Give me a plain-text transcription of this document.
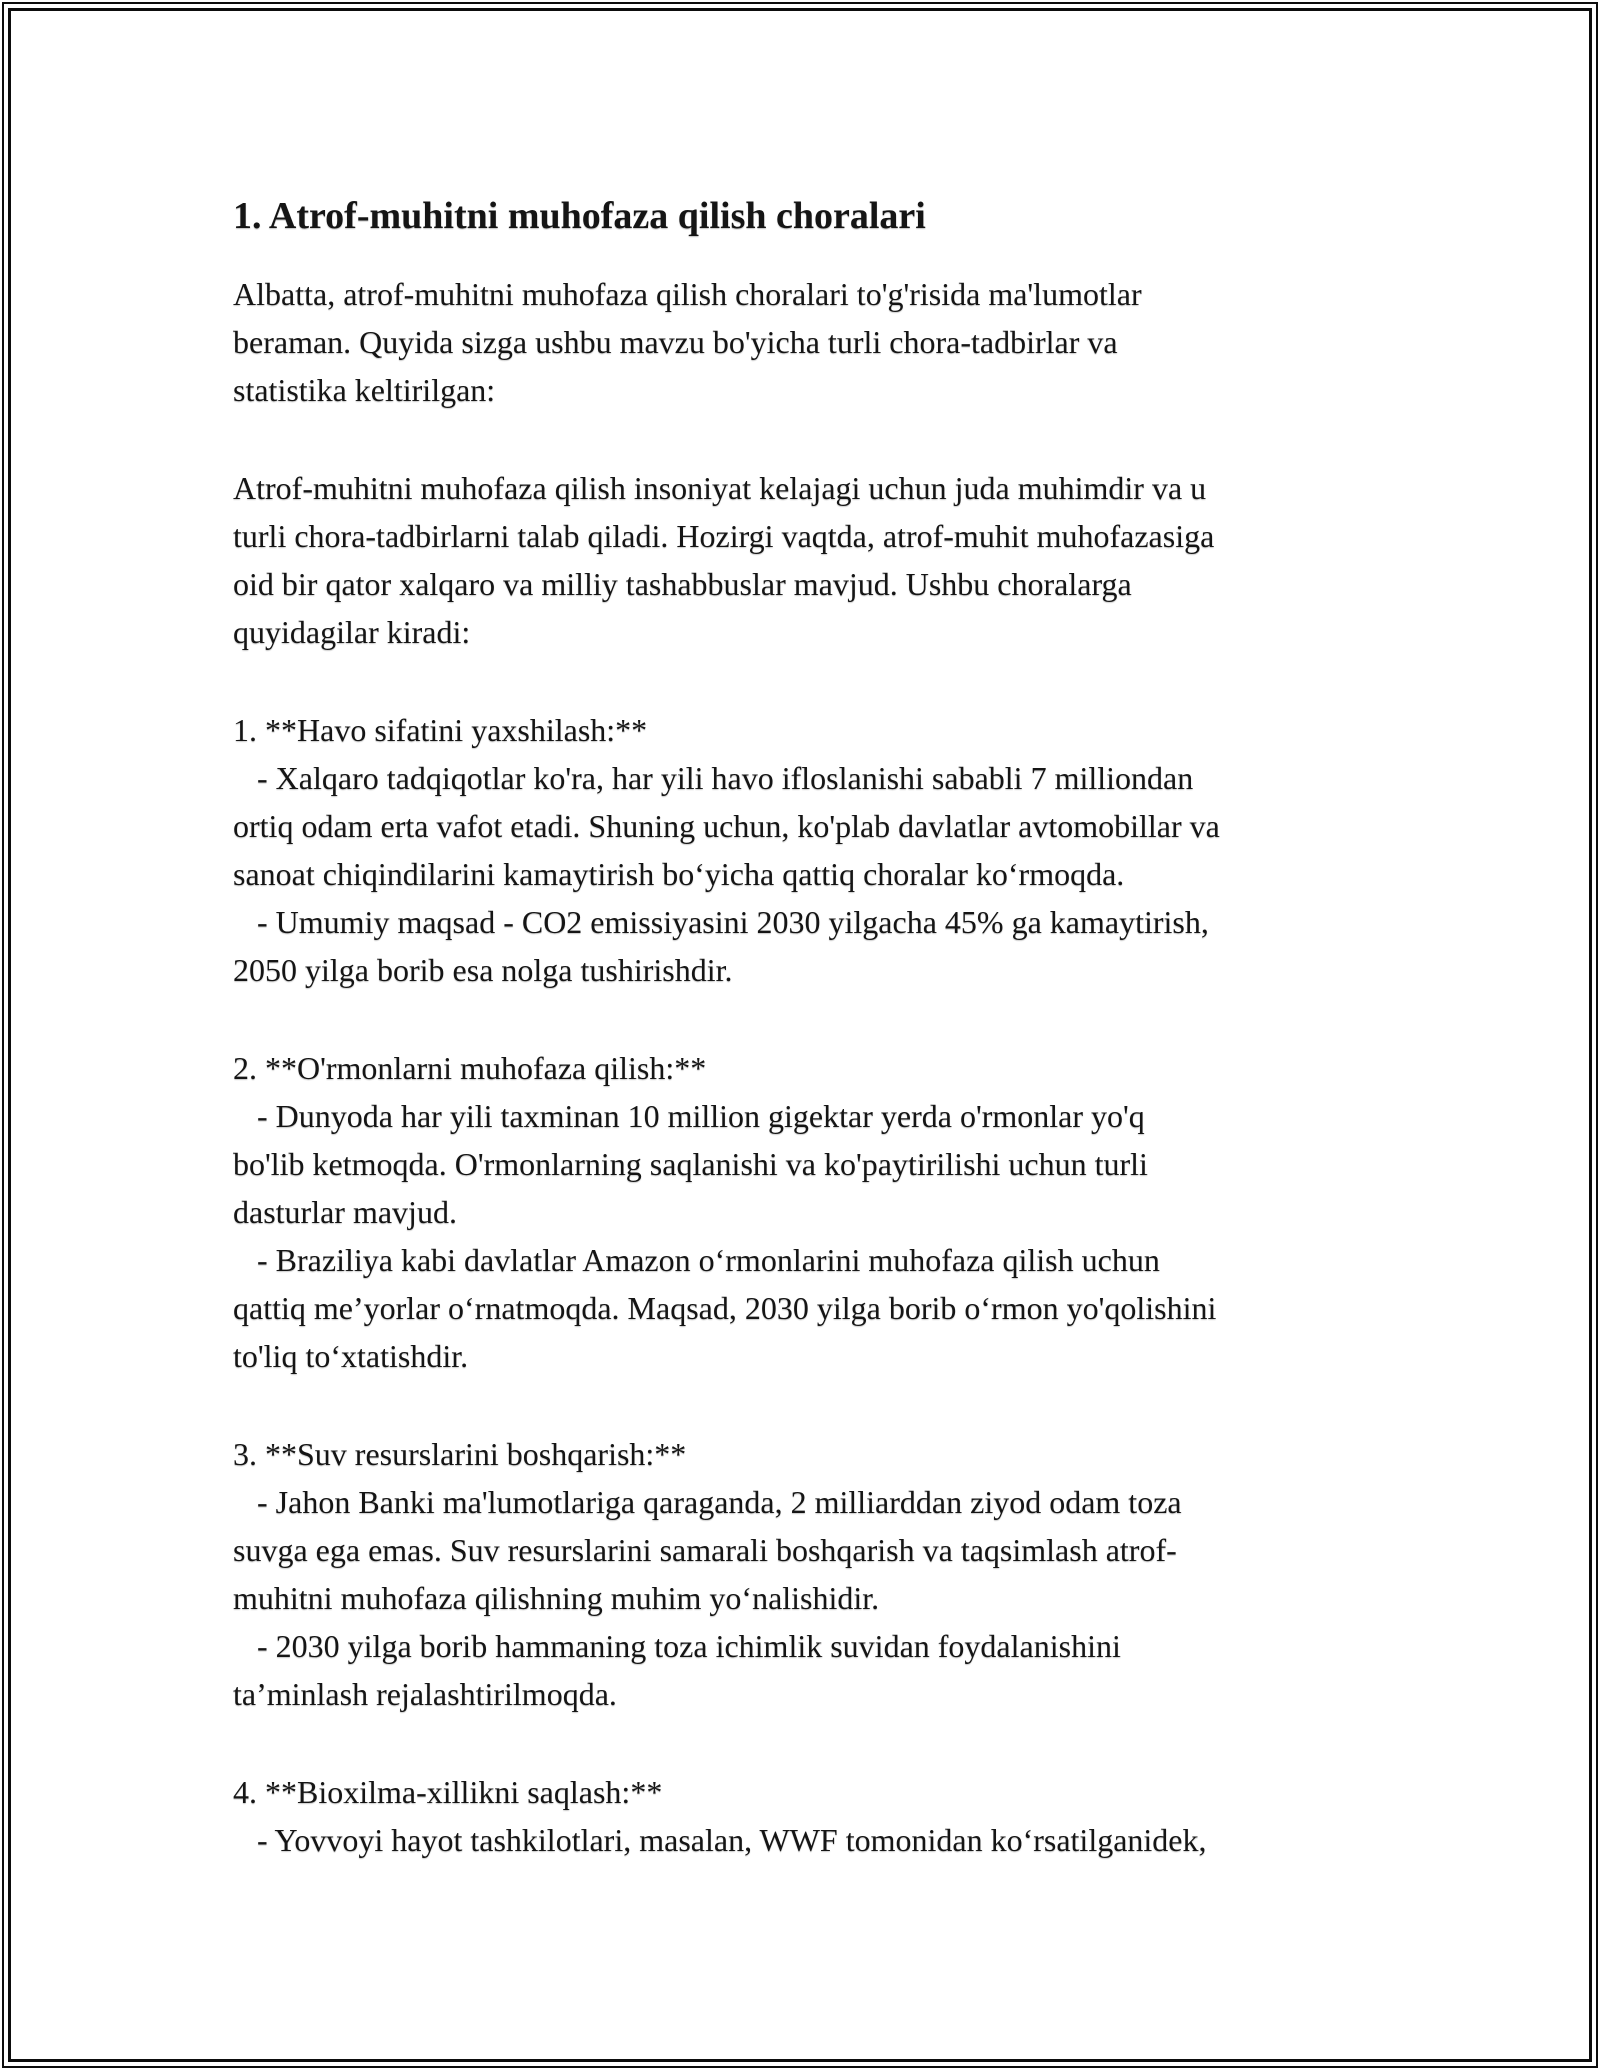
1. Atrof-muhitni muhofaza qilish choralari
Albatta, atrof-muhitni muhofaza qilish choralari to'g'risida ma'lumotlar
beraman. Quyida sizga ushbu mavzu bo'yicha turli chora-tadbirlar va
statistika keltirilgan:
Atrof-muhitni muhofaza qilish insoniyat kelajagi uchun juda muhimdir va u
turli chora-tadbirlarni talab qiladi. Hozirgi vaqtda, atrof-muhit muhofazasiga
oid bir qator xalqaro va milliy tashabbuslar mavjud. Ushbu choralarga
quyidagilar kiradi:
1. **Havo sifatini yaxshilash:**
- Xalqaro tadqiqotlar ko'ra, har yili havo ifloslanishi sababli 7 milliondan
ortiq odam erta vafot etadi. Shuning uchun, ko'plab davlatlar avtomobillar va
sanoat chiqindilarini kamaytirish bo‘yicha qattiq choralar ko‘rmoqda.
- Umumiy maqsad - CO2 emissiyasini 2030 yilgacha 45% ga kamaytirish,
2050 yilga borib esa nolga tushirishdir.
2. **O'rmonlarni muhofaza qilish:**
- Dunyoda har yili taxminan 10 million gigektar yerda o'rmonlar yo'q
bo'lib ketmoqda. O'rmonlarning saqlanishi va ko'paytirilishi uchun turli
dasturlar mavjud.
- Braziliya kabi davlatlar Amazon o‘rmonlarini muhofaza qilish uchun
qattiq me’yorlar o‘rnatmoqda. Maqsad, 2030 yilga borib o‘rmon yo'qolishini
to'liq to‘xtatishdir.
3. **Suv resurslarini boshqarish:**
- Jahon Banki ma'lumotlariga qaraganda, 2 milliarddan ziyod odam toza
suvga ega emas. Suv resurslarini samarali boshqarish va taqsimlash atrof-
muhitni muhofaza qilishning muhim yo‘nalishidir.
- 2030 yilga borib hammaning toza ichimlik suvidan foydalanishini
ta’minlash rejalashtirilmoqda.
4. **Bioxilma-xillikni saqlash:**
- Yovvoyi hayot tashkilotlari, masalan, WWF tomonidan ko‘rsatilganidek,
